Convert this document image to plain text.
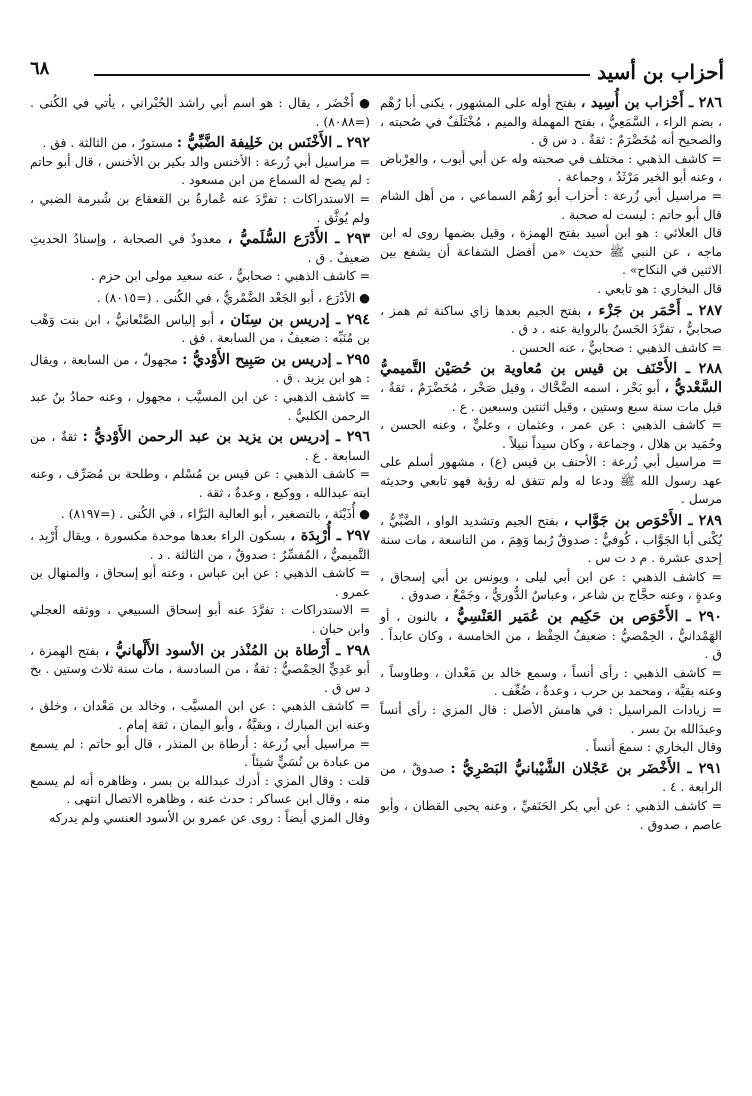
أحزاب بن أسيد
٦٨
٢٨٦ ـ أَحْزاب بن أُسِيد ، بفتح أوله على المشهور ، يكنى أبا رُهْم ، بضم الراء ، السَّمَعِيُّ ، بفتح المهملة والميم ، مُخْتَلَفٌ في صُحبته ، والصحيح أنه مُخَضْرَمٌ : ثقةٌ . د س ق .
= كاشف الذهبي : مختلف في صحبته وله عن أبي أيوب ، والعِرْباض ، وعنه أبو الخير مَرْثَدٌ ، وجماعة .
= مراسيل أبي زُرعة : أحزاب أبو رُهْم السماعي ، من أهل الشام قال أبو حاتم : ليست له صحبة .
قال العلائي : هو ابن أسيد بفتح الهمزة ، وقيل بضمها روى له ابن ماجه ، عن النبي ﷺ حديث «من أفضل الشفاعة أن يشفع بين الاثنين في النكاح» .
قال البخاري : هو تابعي .
٢٨٧ ـ أَحْمَر بن جَزْء ، بفتح الجيم بعدها زاي ساكنة ثم همز ، صحابيٌّ ، تفرَّدَ الحَسنُ بالرواية عنه . د ق .
= كاشف الذهبي : صحابيٌّ ، عنه الحسن .
٢٨٨ ـ الأَحْنَف بن قيس بن مُعاوية بن حُصَيْن التَّميميُّ السَّعْديُّ ، أبو بَحْر ، اسمه الضَّحَّاك ، وقيل صَخْر ، مُخَضْرَمٌ ، ثقةٌ ، قيل مات سنة سبع وستين ، وقيل اثنتين وسبعين . ع .
= كاشف الذهبي : عن عمر ، وعثمان ، وعليٍّ ، وعنه الحسن ، وحُمَيد بن هلال ، وجماعة ، وكان سيداً نبيلاً .
= مراسيل أبي زُرعة : الأحنف بن قيس (ع) ، مشهور أسلم على عهد رسول الله ﷺ ودعا له ولم تتفق له رؤية فهو تابعي وحديثه مرسل .
٢٨٩ ـ الأَحْوَص بن جَوَّاب ، بفتح الجيم وتشديد الواو ، الضَّبِّيُّ ، يُكْنى أبا الجَوَّاب ، كُوفيٌّ : صدوقٌ رُبما وَهِمَ ، من التاسعة ، مات سنة إحدى عشرة . م د ت س .
= كاشف الذهبي : عن ابن أبي ليلى ، ويونس بن أبي إسحاق ، وعدةٍ ، وعنه حجَّاج بن شاعر ، وعباسٌ الدُّوريُّ ، وجَمْعٌ ، صدوق .
٢٩٠ ـ الأَحْوَص بن حَكِيم بن عُمَير العَنْسِيُّ ، بالنون ، أو الهَمْدانيُّ ، الحِمْصيُّ : ضعيفُ الحِفْظ ، من الخامسة ، وكان عابداً . ق .
= كاشف الذهبي : رأى أنساً ، وسمع خالد بن مَعْدان ، وطاوساً ، وعنه بقيَّة ، ومحمد بن حرب ، وعدةٌ ، ضُعِّف .
= زيادات المراسيل : في هامش الأصل : قال المزي : رأى أنساً وعبدَالله بنَ بسر .
وقال البخاري : سمعَ أنساً .
٢٩١ ـ الأَخْضَر بن عَجْلان الشَّيْبانيُّ البَصْرِيُّ : صدوقٌ ، من الرابعة . ٤ .
= كاشف الذهبي : عن أبي بكر الحَنَفيِّ ، وعنه يحيى القطان ، وأبو عاصم ، صدوق .
● أَخْضَر ، يقال : هو اسم أبي راشد الحُبْراني ، يأتي في الكُنى . (=٨٠٨٨) .
٢٩٢ ـ الأَخْنَس بن خَلِيفة الضَّبِّيُّ : مستورٌ ، من الثالثة . فق .
= مراسيل أبي زُرعة : الأخنس والد بكير بن الأخنس ، قال أبو حاتم : لم يصح له السماع من ابن مسعود .
= الاستدراكات : تفرَّدَ عنه عُمارةُ بن القعقاع بن شُبرمة الضبي ، ولم يُوثَّق .
٢٩٣ ـ الأَدْرَع السُّلَميُّ ، معدودٌ في الصحابة ، وإسنادُ الحديثِ ضعيفٌ . ق .
= كاشف الذهبي : صحابيٌّ ، عنه سعيد مولى ابن حزم .
● الأدْرَع ، أبو الجَعْد الضَّمْريُّ ، في الكُنى . (=٨٠١٥) .
٢٩٤ ـ إدريس بن سِنَان ، أبو إلياس الصَّنْعانيُّ ، ابن بنت وَهْب بن مُنَبِّه : ضعيفٌ ، من السابعة . فق .
٢٩٥ ـ إدريس بن صَبِيح الأَوْديُّ : مجهولٌ ، من السابعة ، ويقال : هو ابن يزيد . ق .
= كاشف الذهبي : عن ابن المسيَّب ، مجهول ، وعنه حمادُ بنُ عبد الرحمن الكلبيُّ .
٢٩٦ ـ إدريس بن يزيد بن عبد الرحمن الأَوْديُّ : ثقةٌ ، من السابعة . ع .
= كاشف الذهبي : عن قيس بن مُسْلم ، وطلحة بن مُصَرِّف ، وعنه ابنه عبدالله ، ووكيع ، وعدةٌ ، ثقة .
● أُذَيْنَة ، بالتصغير ، أبو العالية البَرَّاء ، في الكُنى . (=٨١٩٧) .
٢٩٧ ـ أُرْبِدَة ، بسكون الراء بعدها موحدة مكسورة ، ويقال أَرْبِد ، التَّميميُّ ، المُفسِّرُ : صدوقٌ ، من الثالثة . د .
= كاشف الذهبي : عن ابن عباس ، وعنه أبو إسحاق ، والمنهال بن عمرو .
= الاستدراكات : تفرَّدَ عنه أبو إسحاق السبيعي ، ووثقه العجلي وابن حبان .
٢٩٨ ـ أَرْطاة بن المُنْذر بن الأسود الأَلْهانيُّ ، بفتح الهمزة ، أبو عَدِيٍّ الحِمْصيُّ : ثقةٌ ، من السادسة ، مات سنة ثلاث وستين . بخ د س ق .
= كاشف الذهبي : عن ابن المسيَّب ، وخالد بن مَعْدان ، وخلق ، وعنه ابن المبارك ، وبقيَّةُ ، وأبو اليمان ، ثقة إمام .
= مراسيل أبي زُرعة : أرطاة بن المنذر ، قال أبو حاتم : لم يسمع من عبادة بن نُسَيٍّ شيئاً .
قلت : وقال المزي : أدرك عبدالله بن بسر ، وظاهره أنه لم يسمع منه ، وقال ابن عساكر : حدث عنه ، وظاهره الاتصال انتهى .
وقال المزي أيضاً : روى عن عمرو بن الأسود العنسي ولم يدركه
